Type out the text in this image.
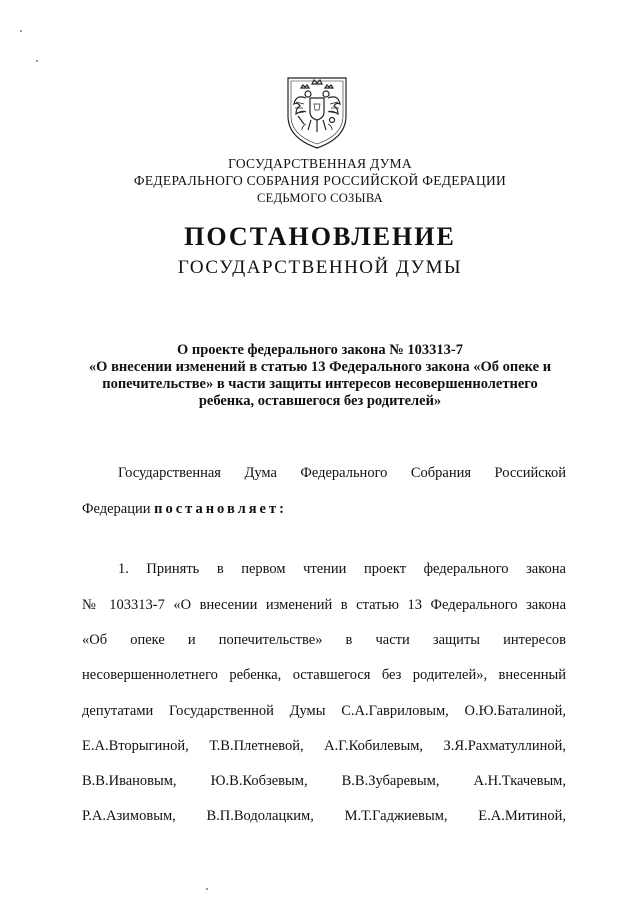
ГОСУДАРСТВЕННАЯ ДУМА
ФЕДЕРАЛЬНОГО СОБРАНИЯ РОССИЙСКОЙ ФЕДЕРАЦИИ
СЕДЬМОГО СОЗЫВА
ПОСТАНОВЛЕНИЕ
ГОСУДАРСТВЕННОЙ ДУМЫ
О проекте федерального закона № 103313-7
«О внесении изменений в статью 13 Федерального закона «Об опеке и
попечительстве» в части защиты интересов несовершеннолетнего
ребенка, оставшегося без родителей»
Государственная Дума Федерального Собрания Российской
Федерации постановляет:
1. Принять в первом чтении проект федерального закона
№ 103313-7 «О внесении изменений в статью 13 Федерального закона
«Об опеке и попечительстве» в части защиты интересов
несовершеннолетнего ребенка, оставшегося без родителей», внесенный
депутатами Государственной Думы С.А.Гавриловым, О.Ю.Баталиной,
Е.А.Вторыгиной, Т.В.Плетневой, А.Г.Кобилевым, З.Я.Рахматуллиной,
В.В.Ивановым, Ю.В.Кобзевым, В.В.Зубаревым, А.Н.Ткачевым,
Р.А.Азимовым, В.П.Водолацким, М.Т.Гаджиевым, Е.А.Митиной,
